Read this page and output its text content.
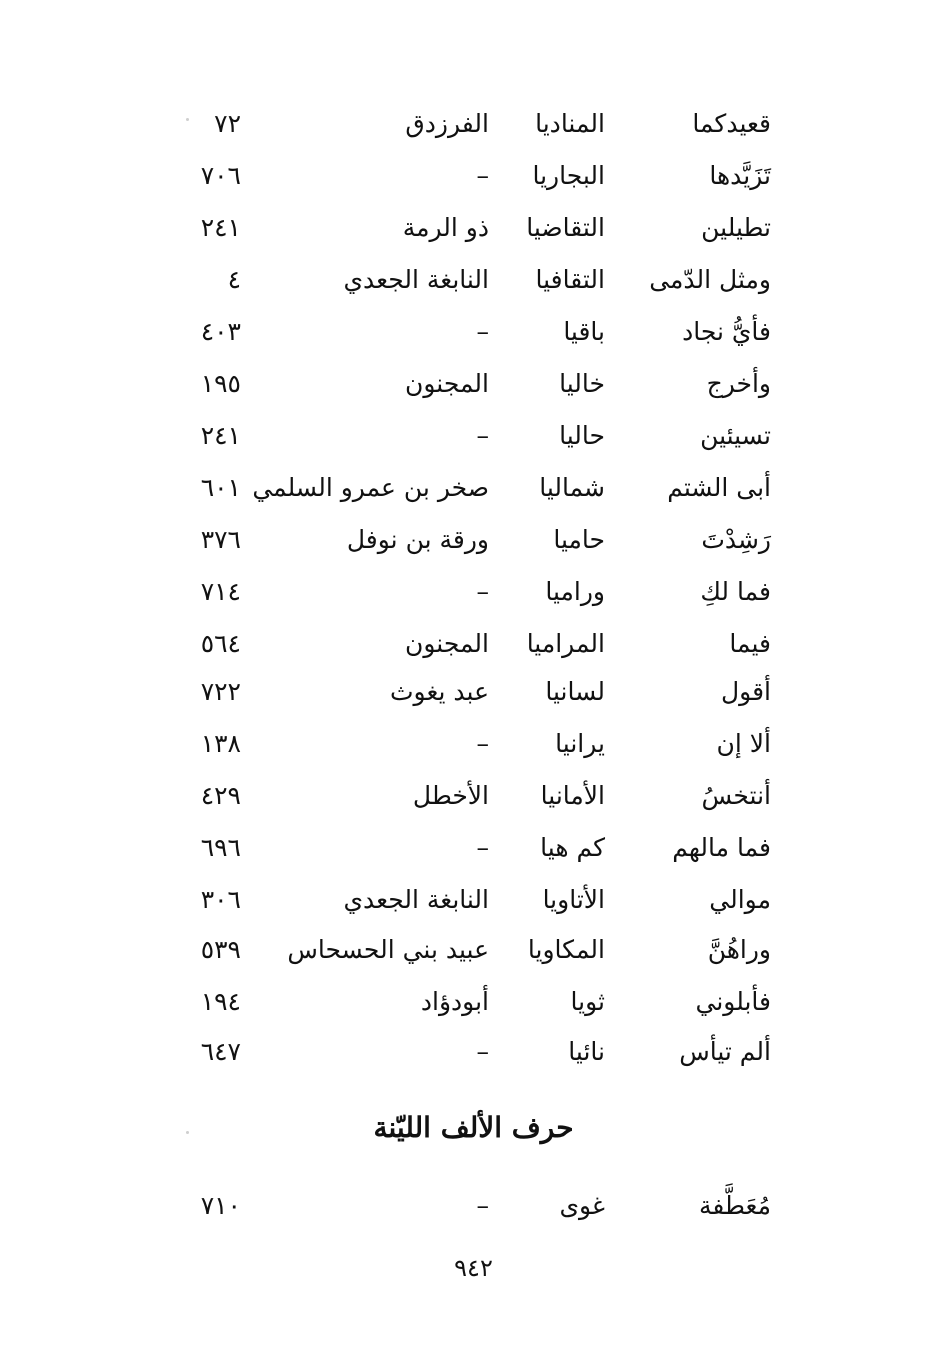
قعيدكما
المناديا
الفرزدق
٧٢
تَزَيَّدها
البجاريا
–
٧٠٦
تطيلين
التقاضيا
ذو الرمة
٢٤١
ومثل الدّمى
التقافيا
النابغة الجعدي
٤
فأيُّ نجاد
باقيا
–
٤٠٣
وأخرج
خاليا
المجنون
١٩٥
تسيئين
حاليا
–
٢٤١
أبى الشتم
شماليا
صخر بن عمرو السلمي
٦٠١
رَشِدْتَ
حاميا
ورقة بن نوفل
٣٧٦
فما لكِ
وراميا
–
٧١٤
فيما
المراميا
المجنون
٥٦٤
أقول
لسانيا
عبد يغوث
٧٢٢
ألا إن
يرانيا
–
١٣٨
أنتخسُ
الأمانيا
الأخطل
٤٢٩
فما مالهم
كم هيا
–
٦٩٦
موالي
الأتاويا
النابغة الجعدي
٣٠٦
وراهُنَّ
المكاويا
عبيد بني الحسحاس
٥٣٩
فأبلوني
ثويا
أبودؤاد
١٩٤
ألم تيأس
نائيا
–
٦٤٧
حرف الألف الليّنة
مُعَطَّفة
غوى
–
٧١٠
٩٤٢
